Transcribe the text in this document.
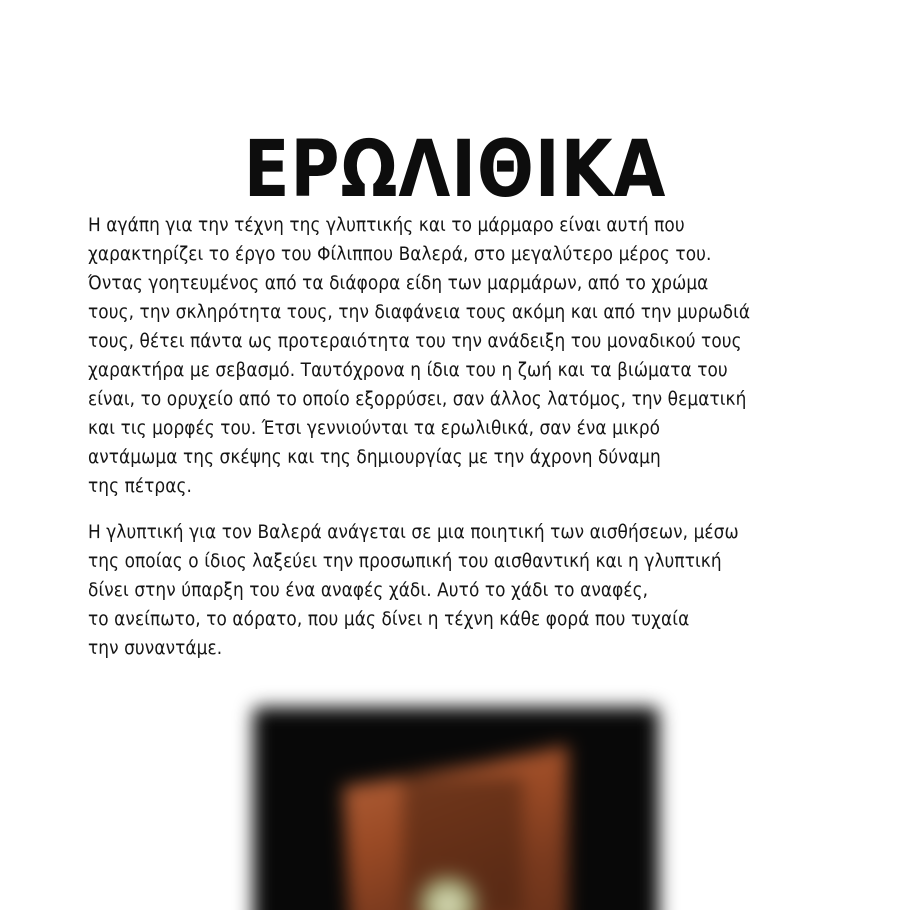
ΕΡΩΛΙΘΙΚΑ
Η αγάπη για την τέχνη της γλυπτικής και το μάρμαρο είναι αυτή που
χαρακτηρίζει το έργο του Φίλιππου Βαλερά, στο μεγαλύτερο μέρος του.
Όντας γοητευμένος από τα διάφορα είδη των μαρμάρων, από το χρώμα
τους, την σκληρότητα τους, την διαφάνεια τους ακόμη και από την μυρωδιά
τους, θέτει πάντα ως προτεραιότητα του την ανάδειξη του μοναδικού τους
χαρακτήρα με σεβασμό. Ταυτόχρονα η ίδια του η ζωή και τα βιώματα του
είναι, το ορυχείο από το οποίο εξορρύσει, σαν άλλος λατόμος, την θεματική
και τις μορφές του. Έτσι γεννιούνται τα ερωλιθικά, σαν ένα μικρό
αντάμωμα της σκέψης και της δημιουργίας με την άχρονη δύναμη
της πέτρας.
Η γλυπτική για τον Βαλερά ανάγεται σε μια ποιητική των αισθήσεων, μέσω
της οποίας ο ίδιος λαξεύει την προσωπική του αισθαντική και η γλυπτική
δίνει στην ύπαρξη του ένα αναφές χάδι. Αυτό το χάδι το αναφές,
το ανείπωτο, το αόρατο, που μάς δίνει η τέχνη κάθε φορά που τυχαία
την συναντάμε.
